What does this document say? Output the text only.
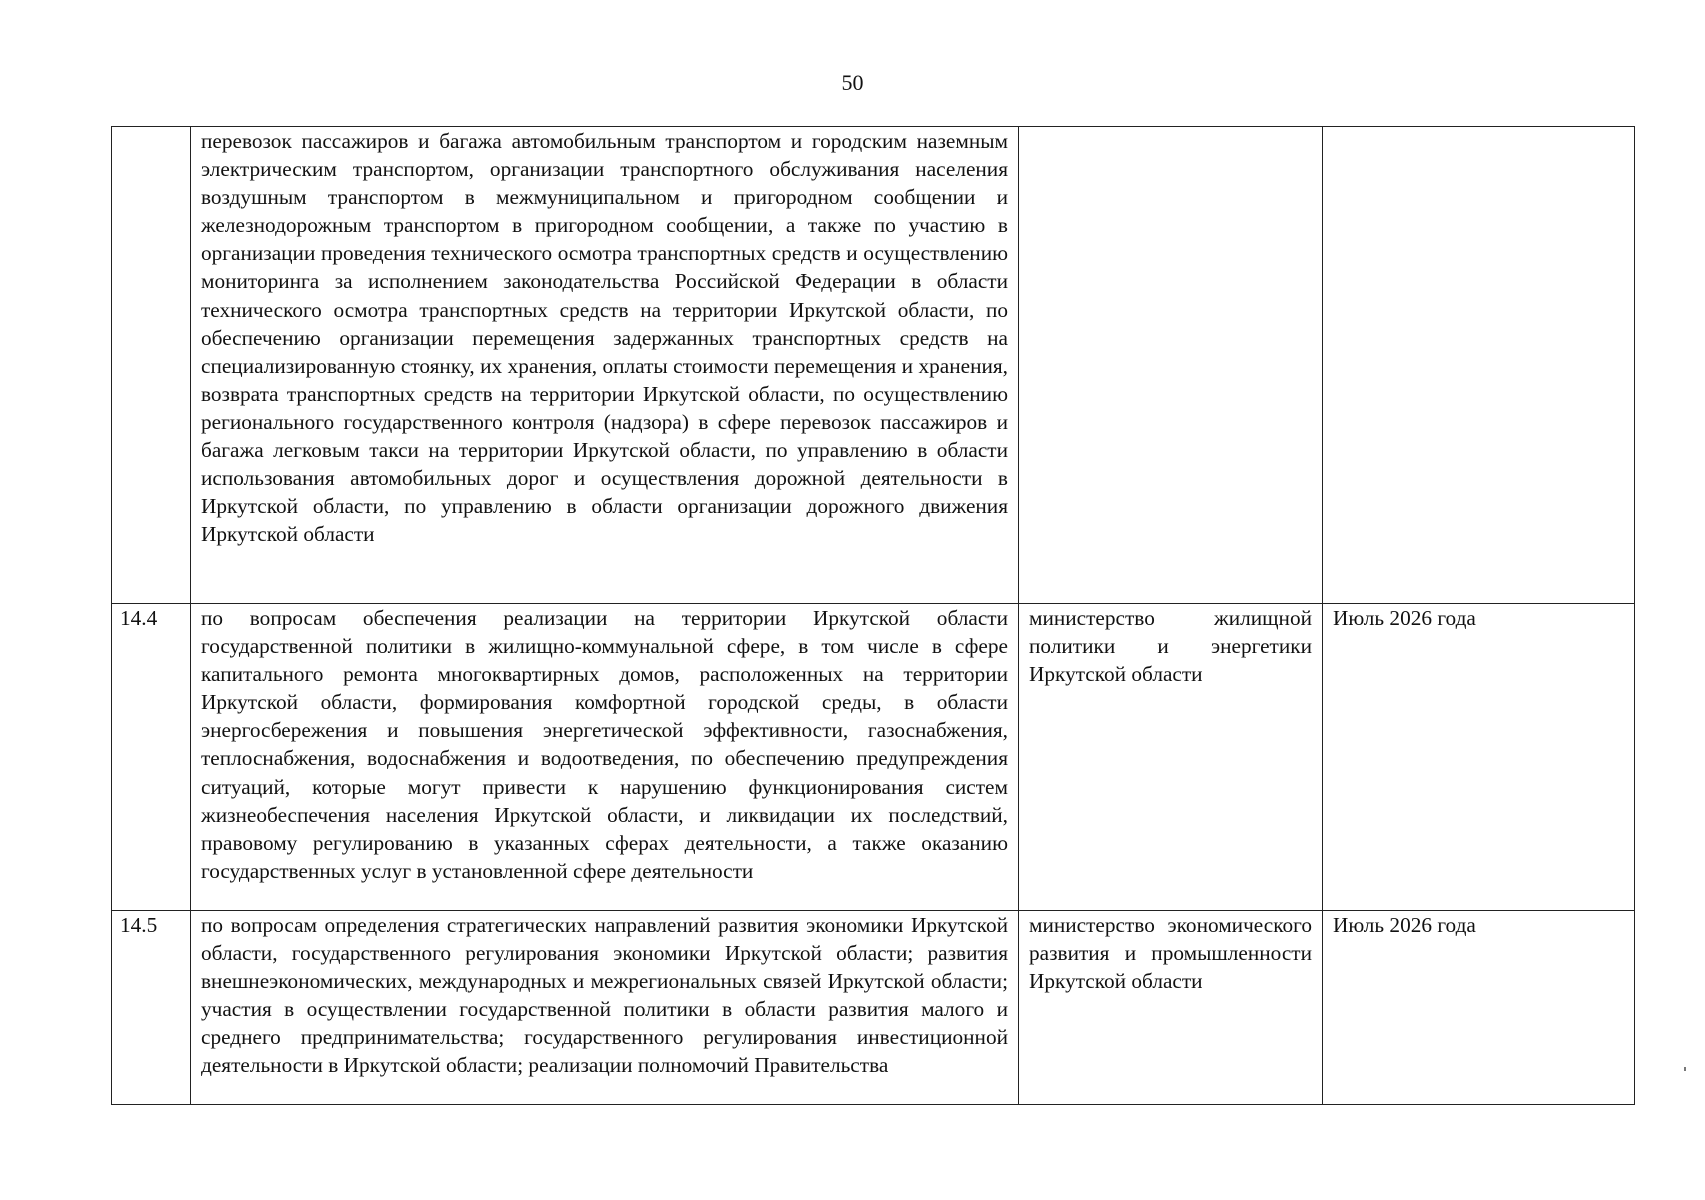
50
	перевозок пассажиров и багажа автомобильным транспортом и городским наземным электрическим транспортом, организации транспортного обслуживания населения воздушным транспортом в межмуниципальном и пригородном сообщении и железнодорожным транспортом в пригородном сообщении, а также по участию в организации проведения технического осмотра транспортных средств и осуществлению мониторинга за исполнением законодательства Российской Федерации в области технического осмотра транспортных средств на территории Иркутской области, по обеспечению организации перемещения задержанных транспортных средств на специализированную стоянку, их хранения, оплаты стоимости перемещения и хранения, возврата транспортных средств на территории Иркутской области, по осуществлению регионального государственного контроля (надзора) в сфере перевозок пассажиров и багажа легковым такси на территории Иркутской области, по управлению в области использования автомобильных дорог и осуществления дорожной деятельности в Иркутской области, по управлению в области организации дорожного движения Иркутской области		
14.4	по вопросам обеспечения реализации на территории Иркутской области государственной политики в жилищно-коммунальной сфере, в том числе в сфере капитального ремонта многоквартирных домов, расположенных на территории Иркутской области, формирования комфортной городской среды, в области энергосбережения и повышения энергетической эффективности, газоснабжения, теплоснабжения, водоснабжения и водоотведения, по обеспечению предупреждения ситуаций, которые могут привести к нарушению функционирования систем жизнеобеспечения населения Иркутской области, и ликвидации их последствий, правовому регулированию в указанных сферах деятельности, а также оказанию государственных услуг в установленной сфере деятельности	министерство жилищной политики и энергетики Иркутской области	Июль 2026 года
14.5	по вопросам определения стратегических направлений развития экономики Иркутской области, государственного регулирования экономики Иркутской области; развития внешнеэкономических, международных и межрегиональных связей Иркутской области; участия в осуществлении государственной политики в области развития малого и среднего предпринимательства; государственного регулирования инвестиционной деятельности в Иркутской области; реализации полномочий Правительства	министерство экономического развития и промышленности Иркутской области	Июль 2026 года
